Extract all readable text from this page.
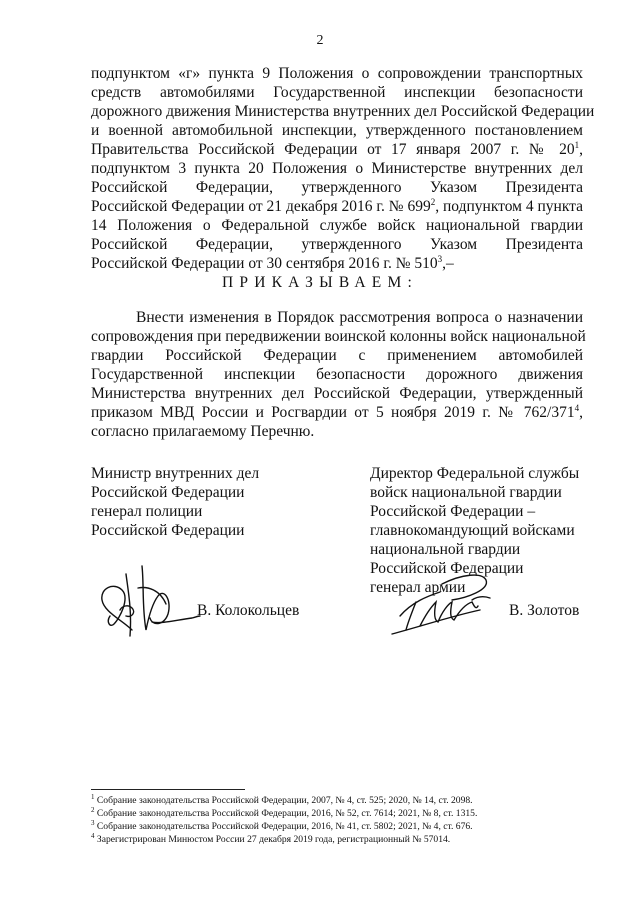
2
подпунктом «г» пункта 9 Положения о сопровождении транспортных
средств автомобилями Государственной инспекции безопасности
дорожного движения Министерства внутренних дел Российской Федерации
и военной автомобильной инспекции, утвержденного постановлением
Правительства Российской Федерации от 17 января 2007 г. № $20^1$,
подпунктом 3 пункта 20 Положения о Министерстве внутренних дел
Российской Федерации, утвержденного Указом Президента
Российской Федерации от 21 декабря 2016 г. № $699^2$, подпунктом 4 пункта
14 Положения о Федеральной службе войск национальной гвардии
Российской Федерации, утвержденного Указом Президента
Российской Федерации от 30 сентября 2016 г. № $510^3,-$
ПРИКАЗЫВАЕМ:
Внести изменения в Порядок рассмотрения вопроса о назначении
сопровождения при передвижении воинской колонны войск национальной
гвардии Российской Федерации с применением автомобилей
Государственной инспекции безопасности дорожного движения
Министерства внутренних дел Российской Федерации, утвержденный
приказом МВД России и Росгвардии от 5 ноября 2019 г. № $762/371^4$,
согласно прилагаемому Перечню.
Министр внутренних дел
Российской Федерации
генерал полиции
Российской Федерации
В. Колокольцев
Директор Федеральной службы
войск национальной гвардии
Российской Федерации –
главнокомандующий войсками
национальной гвардии
Российской Федерации
генерал армии
В. Золотов
$^1$ Собрание законодательства Российской Федерации, 2007, № 4, ст. 525; 2020, № 14, ст. 2098.
$^2$ Собрание законодательства Российской Федерации, 2016, № 52, ст. 7614; 2021, № 8, ст. 1315.
$^3$ Собрание законодательства Российской Федерации, 2016, № 41, ст. 5802; 2021, № 4, ст. 676.
$^4$ Зарегистрирован Минюстом России 27 декабря 2019 года, регистрационный № 57014.
